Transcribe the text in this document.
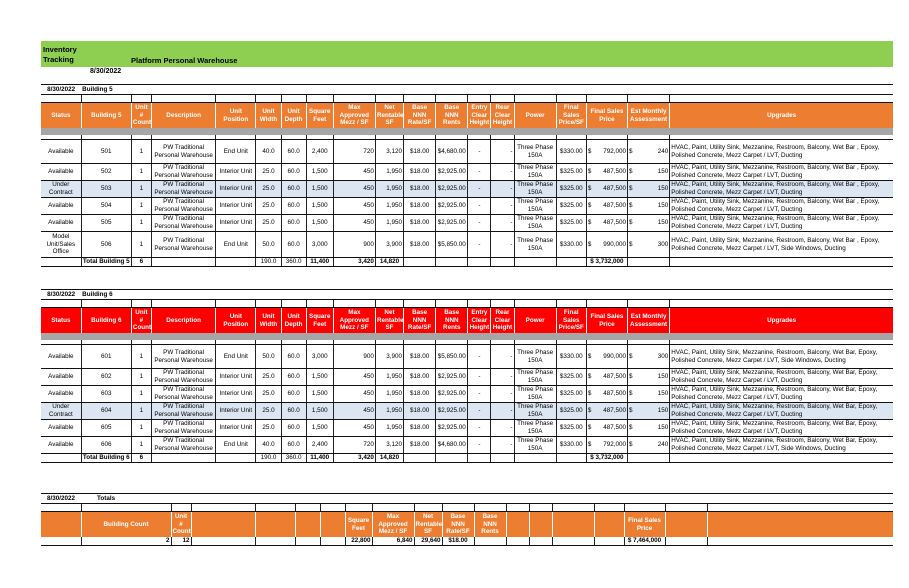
Inventory
Tracking	Platform Personal Warehouse
8/30/2022
8/30/2022	Building 5																	

Status	Building 5	Unit # Count	Description	Unit Position	Unit Width	Unit Depth	Square Feet	Max Approved Mezz / SF	Net Rentable SF	Base NNN Rate/SF	Base NNN Rents	Entry Clear Height	Rear Clear Height	Power	Final Sales Price/SF	Final Sales Price	Est Monthly Assessment	Upgrades

Available	501	1	PW Traditional Personal Warehouse	End Unit	40.0	60.0	2,400	720	3,120	$18.00	$4,680.00	-	-	Three Phase 150A	$330.00	$ 792,000	$ 240	HVAC, Paint, Utility Sink, Mezzanine, Restroom, Balcony, Wet Bar , Epoxy, Polished Concrete, Mezz Carpet / LVT, Ducting
Available	502	1	PW Traditional Personal Warehouse	Interior Unit	25.0	60.0	1,500	450	1,950	$18.00	$2,925.00	-	-	Three Phase 150A	$325.00	$ 487,500	$ 150	HVAC, Paint, Utility Sink, Mezzanine, Restroom, Balcony, Wet Bar , Epoxy, Polished Concrete, Mezz Carpet / LVT, Ducting
Under Contract	503	1	PW Traditional Personal Warehouse	Interior Unit	25.0	60.0	1,500	450	1,950	$18.00	$2,925.00	-	-	Three Phase 150A	$325.00	$ 487,500	$ 150	HVAC, Paint, Utility Sink, Mezzanine, Restroom, Balcony, Wet Bar , Epoxy, Polished Concrete, Mezz Carpet / LVT, Ducting
Available	504	1	PW Traditional Personal Warehouse	Interior Unit	25.0	60.0	1,500	450	1,950	$18.00	$2,925.00	-	-	Three Phase 150A	$325.00	$ 487,500	$ 150	HVAC, Paint, Utility Sink, Mezzanine, Restroom, Balcony, Wet Bar , Epoxy, Polished Concrete, Mezz Carpet / LVT, Ducting
Available	505	1	PW Traditional Personal Warehouse	Interior Unit	25.0	60.0	1,500	450	1,950	$18.00	$2,925.00	-	-	Three Phase 150A	$325.00	$ 487,500	$ 150	HVAC, Paint, Utility Sink, Mezzanine, Restroom, Balcony, Wet Bar , Epoxy, Polished Concrete, Mezz Carpet / LVT, Ducting
Model Unit/Sales Office	506	1	PW Traditional Personal Warehouse	End Unit	50.0	60.0	3,000	900	3,900	$18.00	$5,850.00	-	-	Three Phase 150A	$330.00	$ 990,000	$ 300	HVAC, Paint, Utility Sink, Mezzanine, Restroom, Balcony, Wet Bar , Epoxy, Polished Concrete, Mezz Carpet / LVT, Side Windows, Ducting
	Total Building 5	6			190.0	360.0	11,400	3,420	14,820							$ 3,732,000		
8/30/2022	Building 6																	

Status	Building 6	Unit # Count	Description	Unit Position	Unit Width	Unit Depth	Square Feet	Max Approved Mezz / SF	Net Rentable SF	Base NNN Rate/SF	Base NNN Rents	Entry Clear Height	Rear Clear Height	Power	Final Sales Price/SF	Final Sales Price	Est Monthly Assessment	Upgrades

Available	601	1	PW Traditional Personal Warehouse	End Unit	50.0	60.0	3,000	900	3,900	$18.00	$5,850.00	-	-	Three Phase 150A	$330.00	$ 990,000	$ 300	HVAC, Paint, Utility Sink, Mezzanine, Restroom, Balcony, Wet Bar, Epoxy, Polished Concrete, Mezz Carpet / LVT, Side Windows, Ducting
Available	602	1	PW Traditional Personal Warehouse	Interior Unit	25.0	60.0	1,500	450	1,950	$18.00	$2,925.00	-	-	Three Phase 150A	$325.00	$ 487,500	$ 150	HVAC, Paint, Utility Sink, Mezzanine, Restroom, Balcony, Wet Bar, Epoxy, Polished Concrete, Mezz Carpet / LVT, Ducting
Available	603	1	PW Traditional Personal Warehouse	Interior Unit	25.0	60.0	1,500	450	1,950	$18.00	$2,925.00	-	-	Three Phase 150A	$325.00	$ 487,500	$ 150	HVAC, Paint, Utility Sink, Mezzanine, Restroom, Balcony, Wet Bar, Epoxy, Polished Concrete, Mezz Carpet / LVT, Ducting
Under Contract	604	1	PW Traditional Personal Warehouse	Interior Unit	25.0	60.0	1,500	450	1,950	$18.00	$2,925.00	-	-	Three Phase 150A	$325.00	$ 487,500	$ 150	HVAC, Paint, Utility Sink, Mezzanine, Restroom, Balcony, Wet Bar, Epoxy, Polished Concrete, Mezz Carpet / LVT, Ducting
Available	605	1	PW Traditional Personal Warehouse	Interior Unit	25.0	60.0	1,500	450	1,950	$18.00	$2,925.00	-	-	Three Phase 150A	$325.00	$ 487,500	$ 150	HVAC, Paint, Utility Sink, Mezzanine, Restroom, Balcony, Wet Bar, Epoxy, Polished Concrete, Mezz Carpet / LVT, Ducting
Available	606	1	PW Traditional Personal Warehouse	End Unit	40.0	60.0	2,400	720	3,120	$18.00	$4,680.00	-	-	Three Phase 150A	$330.00	$ 792,000	$ 240	HVAC, Paint, Utility Sink, Mezzanine, Restroom, Balcony, Wet Bar, Epoxy, Polished Concrete, Mezz Carpet / LVT, Side Windows, Ducting
	Total Building 6	6			190.0	360.0	11,400	3,420	14,820							$ 3,732,000		
8/30/2022	Totals																	

	Building Count	Unit # Count					Square Feet	Max Approved Mezz / SF	Net Rentable SF	Base NNN Rate/SF	Base NNN Rents					Final Sales Price		
	2	12					22,800	6,840	29,640	$18.00						$ 7,464,000		
